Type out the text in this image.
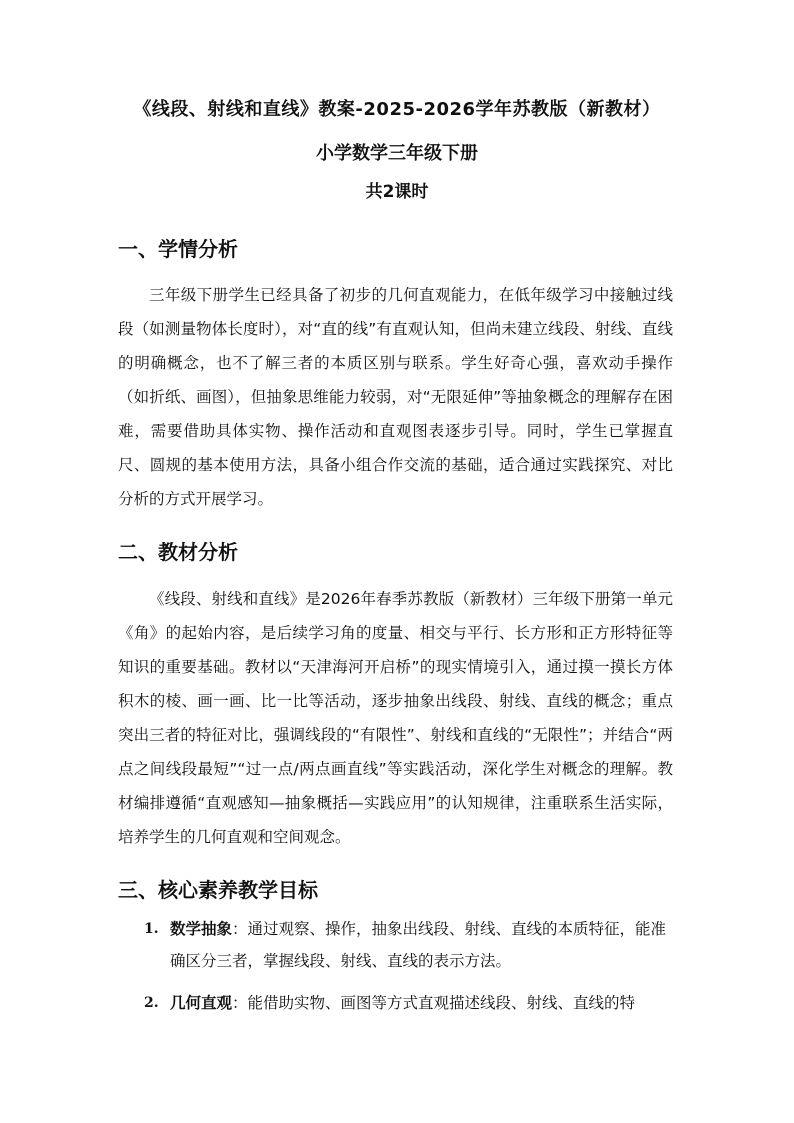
《线段、射线和直线》教案-2025-2026学年苏教版（新教材）
小学数学三年级下册
共2课时
一、学情分析

三年级下册学生已经具备了初步的几何直观能力，在低年级学习中接触过线段（如测量物体长度时），对“直的线”有直观认知，但尚未建立线段、射线、直线的明确概念，也不了解三者的本质区别与联系。学生好奇心强，喜欢动手操作（如折纸、画图），但抽象思维能力较弱，对“无限延伸”等抽象概念的理解存在困难，需要借助具体实物、操作活动和直观图表逐步引导。同时，学生已掌握直尺、圆规的基本使用方法，具备小组合作交流的基础，适合通过实践探究、对比分析的方式开展学习。

二、教材分析

《线段、射线和直线》是2026年春季苏教版（新教材）三年级下册第一单元《角》的起始内容，是后续学习角的度量、相交与平行、长方形和正方形特征等知识的重要基础。教材以“天津海河开启桥”的现实情境引入，通过摸一摸长方体积木的棱、画一画、比一比等活动，逐步抽象出线段、射线、直线的概念；重点突出三者的特征对比，强调线段的“有限性”、射线和直线的“无限性”；并结合“两点之间线段最短”“过一点/两点画直线”等实践活动，深化学生对概念的理解。教材编排遵循“直观感知—抽象概括—实践应用”的认知规律，注重联系生活实际，培养学生的几何直观和空间观念。

三、核心素养教学目标
1. 数学抽象：通过观察、操作，抽象出线段、射线、直线的本质特征，能准确区分三者，掌握线段、射线、直线的表示方法。
2. 几何直观：能借助实物、画图等方式直观描述线段、射线、直线的特
